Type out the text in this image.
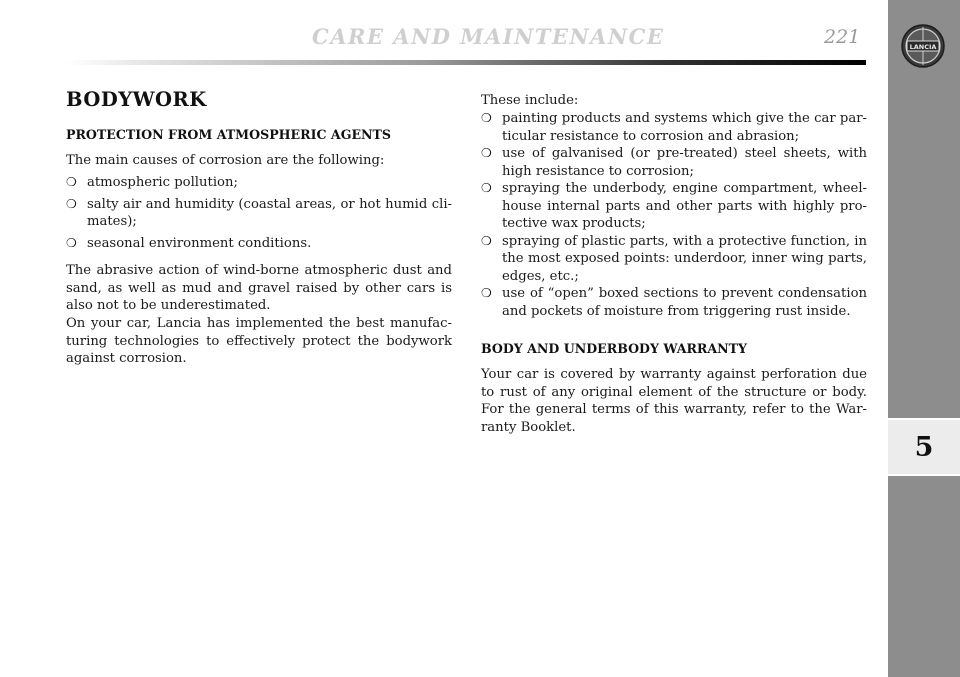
CARE AND MAINTENANCE	221	LANCIA
5
BODYWORK
PROTECTION FROM ATMOSPHERIC AGENTS

The main causes of corrosion are the following:

❍ atmospheric pollution;
❍ salty air and humidity (coastal areas, or hot humid cli- mates);
❍ seasonal environment conditions.

The abrasive action of wind-borne atmospheric dust and sand, as well as mud and gravel raised by other cars is also not to be underestimated.

On your car, Lancia has implemented the best manufac- turing technologies to effectively protect the bodywork against corrosion.

These include:

❍ painting products and systems which give the car par- ticular resistance to corrosion and abrasion;
❍ use of galvanised (or pre-treated) steel sheets, with high resistance to corrosion;
❍ spraying the underbody, engine compartment, wheel- house internal parts and other parts with highly pro- tective wax products;
❍ spraying of plastic parts, with a protective function, in the most exposed points: underdoor, inner wing parts, edges, etc.;
❍ use of “open” boxed sections to prevent condensation and pockets of moisture from triggering rust inside.
BODY AND UNDERBODY WARRANTY

Your car is covered by warranty against perforation due to rust of any original element of the structure or body. For the general terms of this warranty, refer to the War- ranty Booklet.
